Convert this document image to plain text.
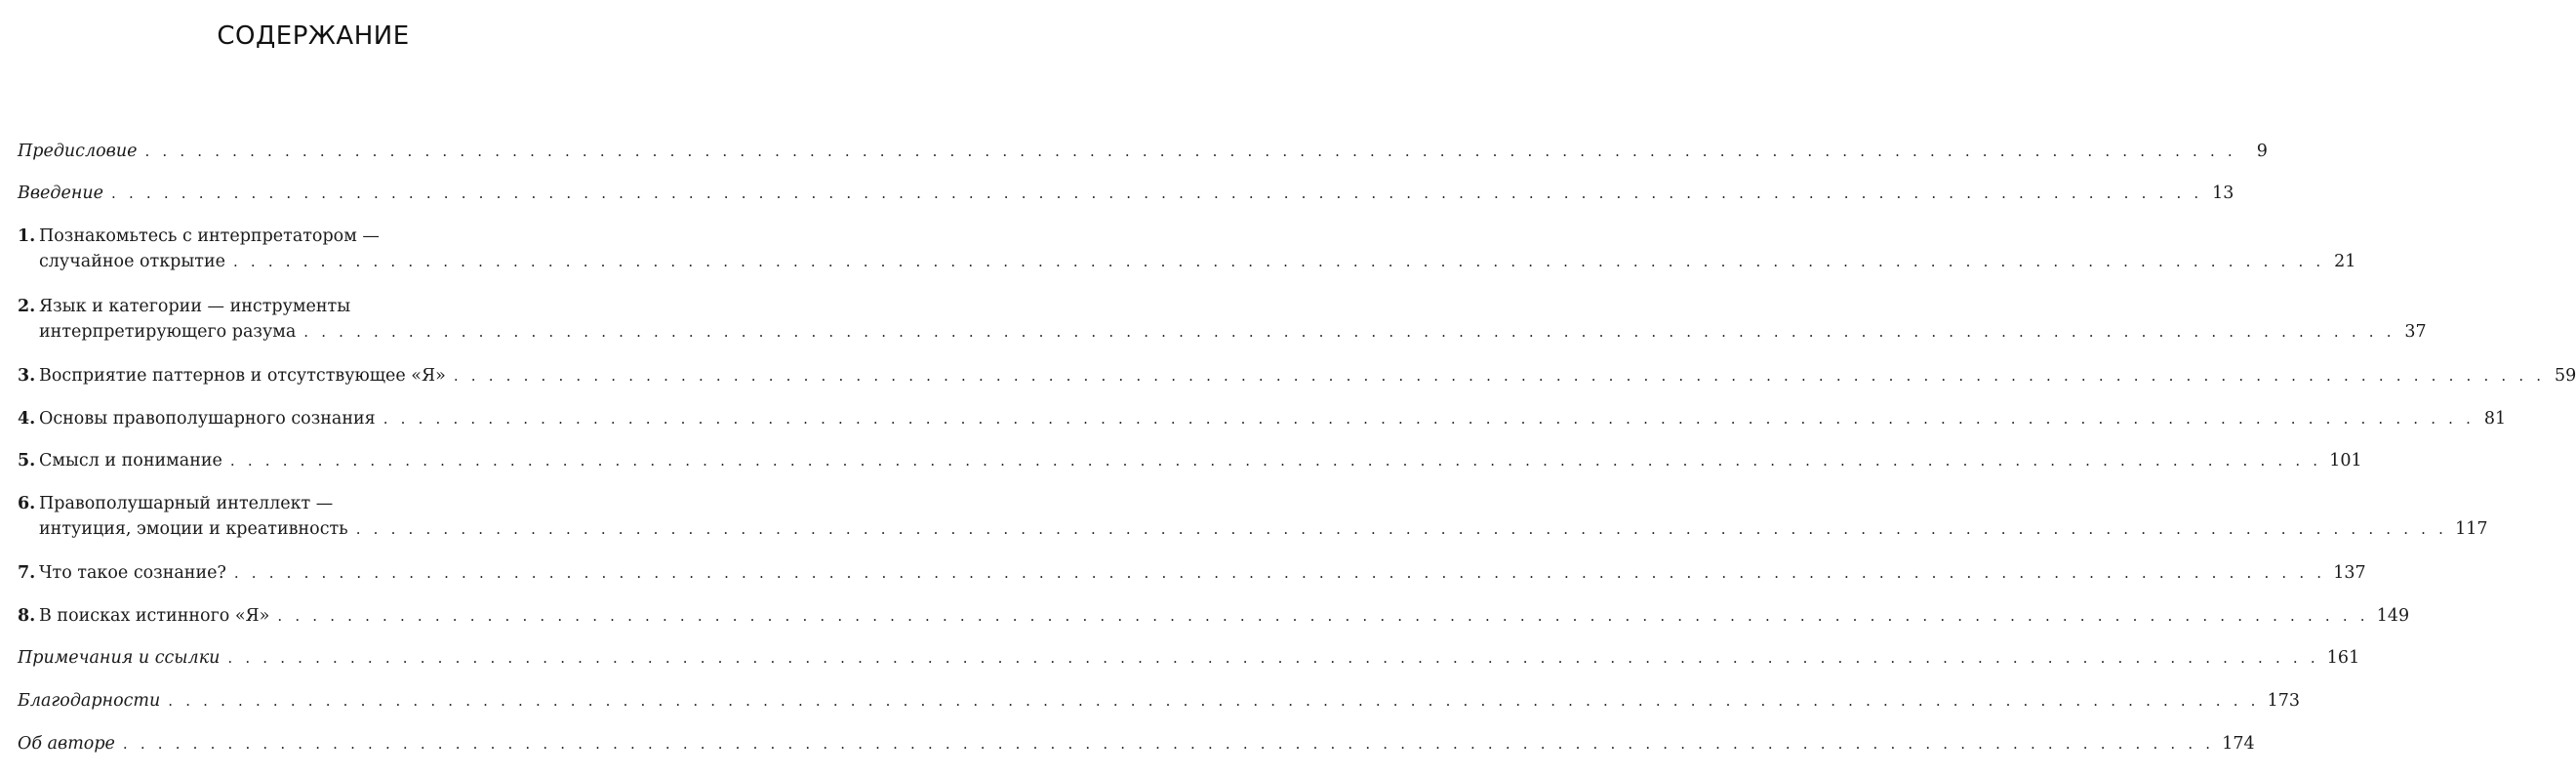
СОДЕРЖАНИЕ
Предисловие . . . . . . . . . . . . . . . . . . . . . . . . . . . . . . . . . . . . . . . . . . . . . . . . . . . . . . . . . . . . . . . . . . . . . . . . . . . . . . . . . . . . . . . . . . . . . . . . . . . . . . . . . . . . . . . . . . . . . . . .	9
Введение . . . . . . . . . . . . . . . . . . . . . . . . . . . . . . . . . . . . . . . . . . . . . . . . . . . . . . . . . . . . . . . . . . . . . . . . . . . . . . . . . . . . . . . . . . . . . . . . . . . . . . . . . . . . . . . . . . . . . . . . 13
1. Познакомьтесь с интерпретатором —
случайное открытие . . . . . . . . . . . . . . . . . . . . . . . . . . . . . . . . . . . . . . . . . . . . . . . . . . . . . . . . . . . . . . . . . . . . . . . . . . . . . . . . . . . . . . . . . . . . . . . . . . . . . . . . . . . . . . . . . . . . . . . . 21
2. Язык и категории — инструменты
интерпретирующего разума . . . . . . . . . . . . . . . . . . . . . . . . . . . . . . . . . . . . . . . . . . . . . . . . . . . . . . . . . . . . . . . . . . . . . . . . . . . . . . . . . . . . . . . . . . . . . . . . . . . . . . . . . . . . . . . . . . . . . . . . 37
3. Восприятие паттернов и отсутствующее «Я» . . . . . . . . . . . . . . . . . . . . . . . . . . . . . . . . . . . . . . . . . . . . . . . . . . . . . . . . . . . . . . . . . . . . . . . . . . . . . . . . . . . . . . . . . . . . . . . . . . . . . . . . . . . . . . . . . . . . . . . . 59
4. Основы правополушарного сознания . . . . . . . . . . . . . . . . . . . . . . . . . . . . . . . . . . . . . . . . . . . . . . . . . . . . . . . . . . . . . . . . . . . . . . . . . . . . . . . . . . . . . . . . . . . . . . . . . . . . . . . . . . . . . . . . . . . . . . . . 81
5. Смысл и понимание . . . . . . . . . . . . . . . . . . . . . . . . . . . . . . . . . . . . . . . . . . . . . . . . . . . . . . . . . . . . . . . . . . . . . . . . . . . . . . . . . . . . . . . . . . . . . . . . . . . . . . . . . . . . . . . . . . . . . . . . 101
6. Правополушарный интеллект —
интуиция, эмоции и креативность . . . . . . . . . . . . . . . . . . . . . . . . . . . . . . . . . . . . . . . . . . . . . . . . . . . . . . . . . . . . . . . . . . . . . . . . . . . . . . . . . . . . . . . . . . . . . . . . . . . . . . . . . . . . . . . . . . . . . . . . 117
7. Что такое сознание? . . . . . . . . . . . . . . . . . . . . . . . . . . . . . . . . . . . . . . . . . . . . . . . . . . . . . . . . . . . . . . . . . . . . . . . . . . . . . . . . . . . . . . . . . . . . . . . . . . . . . . . . . . . . . . . . . . . . . . . . 137
8. В поисках истинного «Я» . . . . . . . . . . . . . . . . . . . . . . . . . . . . . . . . . . . . . . . . . . . . . . . . . . . . . . . . . . . . . . . . . . . . . . . . . . . . . . . . . . . . . . . . . . . . . . . . . . . . . . . . . . . . . . . . . . . . . . . . 149
Примечания и ссылки . . . . . . . . . . . . . . . . . . . . . . . . . . . . . . . . . . . . . . . . . . . . . . . . . . . . . . . . . . . . . . . . . . . . . . . . . . . . . . . . . . . . . . . . . . . . . . . . . . . . . . . . . . . . . . . . . . . . . . . . 161
Благодарности . . . . . . . . . . . . . . . . . . . . . . . . . . . . . . . . . . . . . . . . . . . . . . . . . . . . . . . . . . . . . . . . . . . . . . . . . . . . . . . . . . . . . . . . . . . . . . . . . . . . . . . . . . . . . . . . . . . . . . . . 173
Об авторе . . . . . . . . . . . . . . . . . . . . . . . . . . . . . . . . . . . . . . . . . . . . . . . . . . . . . . . . . . . . . . . . . . . . . . . . . . . . . . . . . . . . . . . . . . . . . . . . . . . . . . . . . . . . . . . . . . . . . . . . 174
